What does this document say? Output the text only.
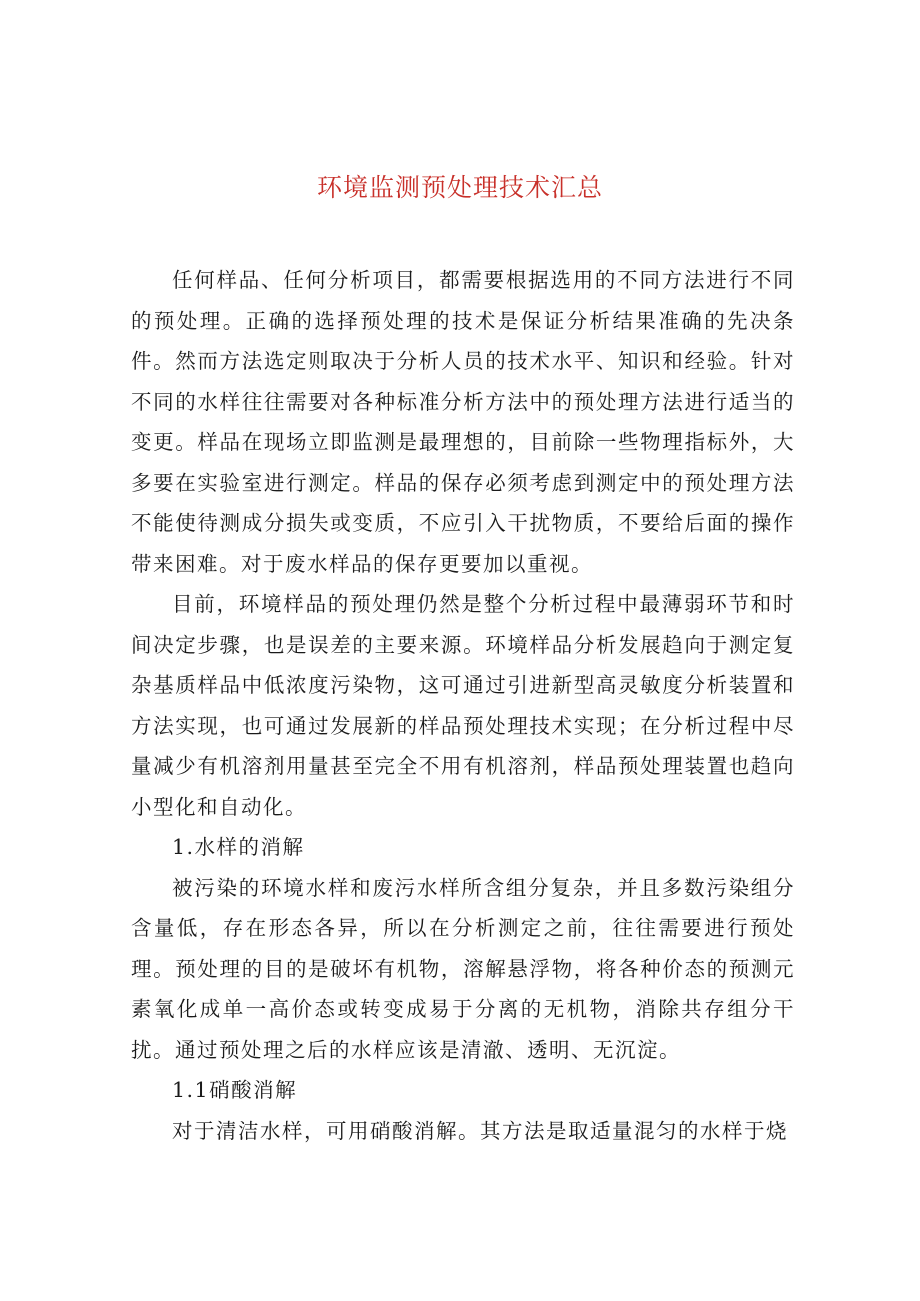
环境监测预处理技术汇总

任何样品、任何分析项目，都需要根据选用的不同方法进行不同的预处理。正确的选择预处理的技术是保证分析结果准确的先决条件。然而方法选定则取决于分析人员的技术水平、知识和经验。针对不同的水样往往需要对各种标准分析方法中的预处理方法进行适当的变更。样品在现场立即监测是最理想的，目前除一些物理指标外，大多要在实验室进行测定。样品的保存必须考虑到测定中的预处理方法不能使待测成分损失或变质，不应引入干扰物质，不要给后面的操作带来困难。对于废水样品的保存更要加以重视。

目前，环境样品的预处理仍然是整个分析过程中最薄弱环节和时间决定步骤，也是误差的主要来源。环境样品分析发展趋向于测定复杂基质样品中低浓度污染物，这可通过引进新型高灵敏度分析装置和方法实现，也可通过发展新的样品预处理技术实现；在分析过程中尽量减少有机溶剂用量甚至完全不用有机溶剂，样品预处理装置也趋向小型化和自动化。

1.水样的消解

被污染的环境水样和废污水样所含组分复杂，并且多数污染组分含量低，存在形态各异，所以在分析测定之前，往往需要进行预处理。预处理的目的是破坏有机物，溶解悬浮物，将各种价态的预测元素氧化成单一高价态或转变成易于分离的无机物，消除共存组分干扰。通过预处理之后的水样应该是清澈、透明、无沉淀。

1.1硝酸消解

对于清洁水样，可用硝酸消解。其方法是取适量混匀的水样于烧
